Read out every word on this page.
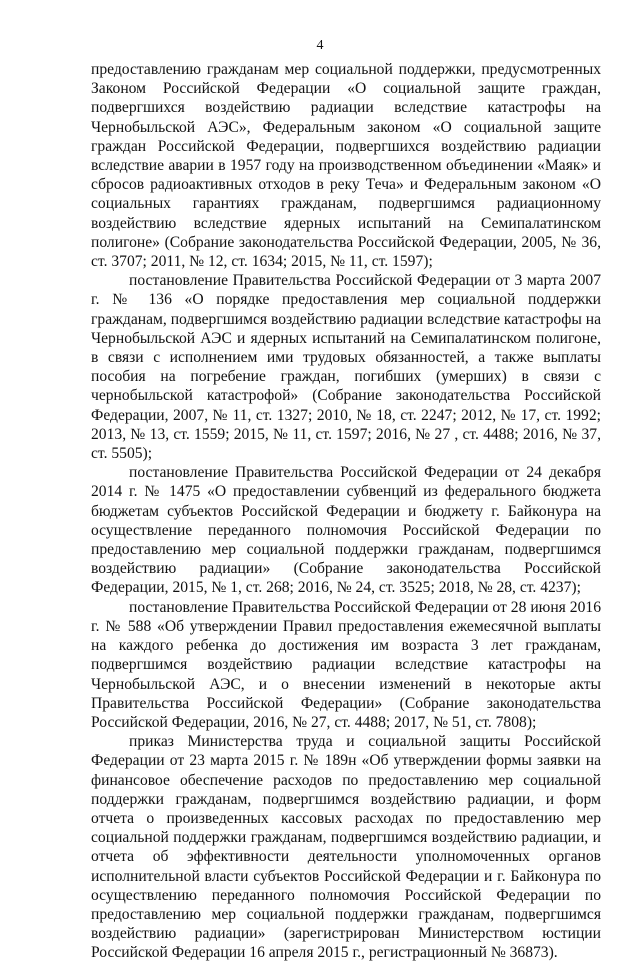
4

предоставлению гражданам мер социальной поддержки, предусмотренных Законом Российской Федерации «О социальной защите граждан, подвергшихся воздействию радиации вследствие катастрофы на Чернобыльской АЭС», Федеральным законом «О социальной защите граждан Российской Федерации, подвергшихся воздействию радиации вследствие аварии в 1957 году на производственном объединении «Маяк» и сбросов радиоактивных отходов в реку Теча» и Федеральным законом «О социальных гарантиях гражданам, подвергшимся радиационному воздействию вследствие ядерных испытаний на Семипалатинском полигоне» (Собрание законодательства Российской Федерации, 2005, № 36, ст. 3707; 2011, № 12, ст. 1634; 2015, № 11, ст. 1597);

постановление Правительства Российской Федерации от 3 марта 2007 г. № 136 «О порядке предоставления мер социальной поддержки гражданам, подвергшимся воздействию радиации вследствие катастрофы на Чернобыльской АЭС и ядерных испытаний на Семипалатинском полигоне, в связи с исполнением ими трудовых обязанностей, а также выплаты пособия на погребение граждан, погибших (умерших) в связи с чернобыльской катастрофой» (Собрание законодательства Российской Федерации, 2007, № 11, ст. 1327; 2010, № 18, ст. 2247; 2012, № 17, ст. 1992; 2013, № 13, ст. 1559; 2015, № 11, ст. 1597; 2016, № 27 , ст. 4488; 2016, № 37, ст. 5505);

постановление Правительства Российской Федерации от 24 декабря 2014 г. № 1475 «О предоставлении субвенций из федерального бюджета бюджетам субъектов Российской Федерации и бюджету г. Байконура на осуществление переданного полномочия Российской Федерации по предоставлению мер социальной поддержки гражданам, подвергшимся воздействию радиации» (Собрание законодательства Российской Федерации, 2015, № 1, ст. 268; 2016, № 24, ст. 3525; 2018, № 28, ст. 4237);

постановление Правительства Российской Федерации от 28 июня 2016 г. № 588 «Об утверждении Правил предоставления ежемесячной выплаты на каждого ребенка до достижения им возраста 3 лет гражданам, подвергшимся воздействию радиации вследствие катастрофы на Чернобыльской АЭС, и о внесении изменений в некоторые акты Правительства Российской Федерации» (Собрание законодательства Российской Федерации, 2016, № 27, ст. 4488; 2017, № 51, ст. 7808);

приказ Министерства труда и социальной защиты Российской Федерации от 23 марта 2015 г. № 189н «Об утверждении формы заявки на финансовое обеспечение расходов по предоставлению мер социальной поддержки гражданам, подвергшимся воздействию радиации, и форм отчета о произведенных кассовых расходах по предоставлению мер социальной поддержки гражданам, подвергшимся воздействию радиации, и отчета об эффективности деятельности уполномоченных органов исполнительной власти субъектов Российской Федерации и г. Байконура по осуществлению переданного полномочия Российской Федерации по предоставлению мер социальной поддержки гражданам, подвергшимся воздействию радиации» (зарегистрирован Министерством юстиции Российской Федерации 16 апреля 2015 г., регистрационный № 36873).
